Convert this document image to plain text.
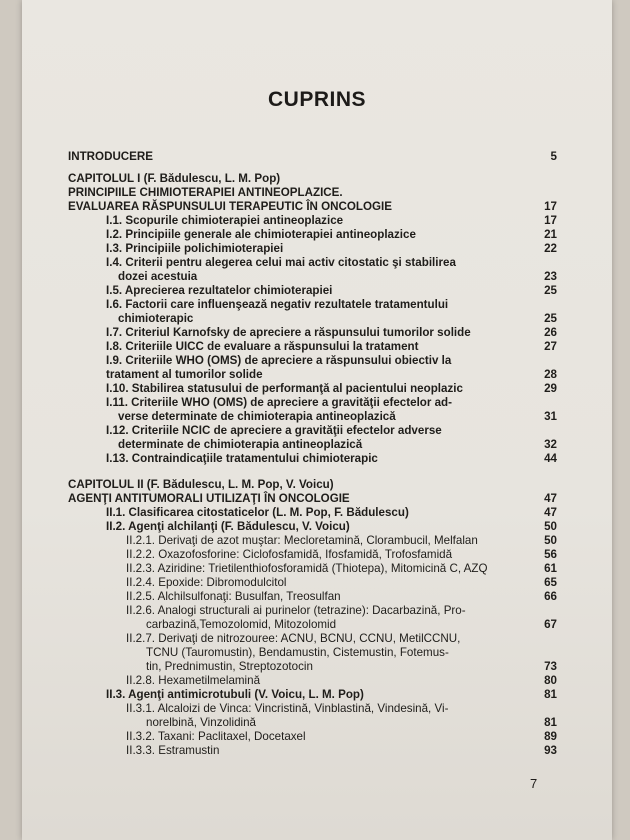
CUPRINS
INTRODUCERE	5
CAPITOLUL I (F. Bădulescu, L. M. Pop)
PRINCIPIILE CHIMIOTERAPIEI ANTINEOPLAZICE.
EVALUAREA RĂSPUNSULUI TERAPEUTIC ÎN ONCOLOGIE	17
I.1. Scopurile chimioterapiei antineoplazice	17
I.2. Principiile generale ale chimioterapiei antineoplazice	21
I.3. Principiile polichimioterapiei	22
I.4. Criterii pentru alegerea celui mai activ citostatic şi stabilirea
dozei acestuia	23
I.5. Aprecierea rezultatelor chimioterapiei	25
I.6. Factorii care influenşează negativ rezultatele tratamentului
chimioterapic	25
I.7. Criteriul Karnofsky de apreciere a răspunsului tumorilor solide	26
I.8. Criteriile UICC de evaluare a răspunsului la tratament	27
I.9. Criteriile WHO (OMS) de apreciere a răspunsului obiectiv la
tratament al tumorilor solide	28
I.10. Stabilirea statusului de performanţă al pacientului neoplazic	29
I.11. Criteriile WHO (OMS) de apreciere a gravităţii efectelor ad-
verse determinate de chimioterapia antineoplazică	31
I.12. Criteriile NCIC de apreciere a gravităţii efectelor adverse
determinate de chimioterapia antineoplazică	32
I.13. Contraindicaţiile tratamentului chimioterapic	44
CAPITOLUL II (F. Bădulescu, L. M. Pop, V. Voicu)
AGENŢI ANTITUMORALI UTILIZAŢI ÎN ONCOLOGIE	47
II.1. Clasificarea citostaticelor (L. M. Pop, F. Bădulescu)	47
II.2. Agenţi alchilanţi (F. Bădulescu, V. Voicu)	50
II.2.1. Derivaţi de azot muştar: Mecloretamină, Clorambucil, Melfalan	50
II.2.2. Oxazofosforine: Ciclofosfamidă, Ifosfamidă, Trofosfamidă	56
II.2.3. Aziridine: Trietilenthiofosforamidă (Thiotepa), Mitomicină C, AZQ	61
II.2.4. Epoxide: Dibromodulcitol	65
II.2.5. Alchilsulfonaţi: Busulfan, Treosulfan	66
II.2.6. Analogi structurali ai purinelor (tetrazine): Dacarbazină, Pro-
carbazină,Temozolomid, Mitozolomid	67
II.2.7. Derivaţi de nitrozouree: ACNU, BCNU, CCNU, MetilCCNU,
TCNU (Tauromustin), Bendamustin, Cistemustin, Fotemus-
tin, Prednimustin, Streptozotocin	73
II.2.8. Hexametilmelamină	80
II.3. Agenţi antimicrotubuli (V. Voicu, L. M. Pop)	81
II.3.1. Alcaloizi de Vinca: Vincristină, Vinblastină, Vindesină, Vi-
norelbină, Vinzolidină	81
II.3.2. Taxani: Paclitaxel, Docetaxel	89
II.3.3. Estramustin	93
7
